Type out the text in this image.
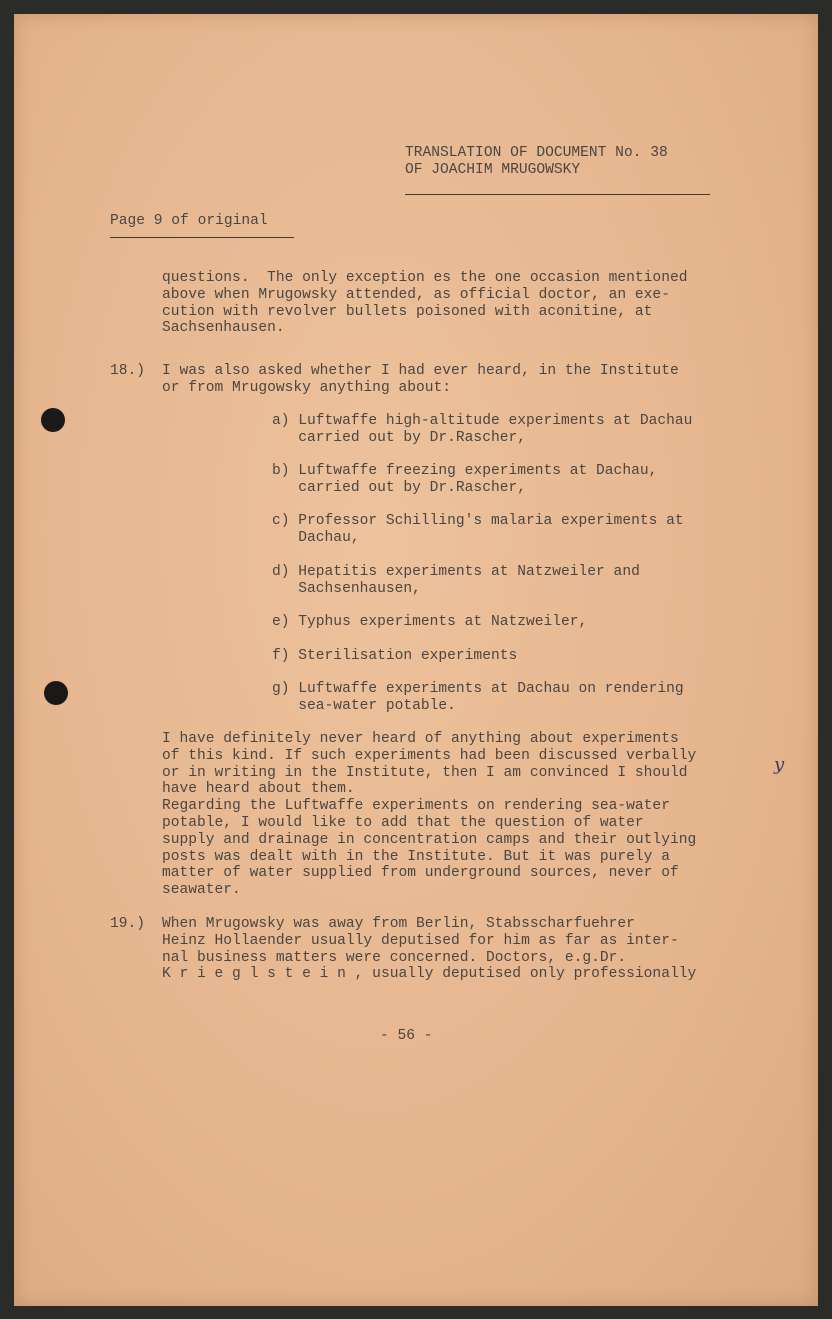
TRANSLATION OF DOCUMENT No. 38
OF JOACHIM MRUGOWSKY

Page 9 of original

questions.  The only exception es the one occasion mentioned
above when Mrugowsky attended, as official doctor, an exe-
cution with revolver bullets poisoned with aconitine, at
Sachsenhausen.

18.) I was also asked whether I had ever heard, in the Institute
or from Mrugowsky anything about:

a) Luftwaffe high-altitude experiments at Dachau
carried out by Dr.Rascher,

b) Luftwaffe freezing experiments at Dachau,
carried out by Dr.Rascher,

c) Professor Schilling's malaria experiments at
Dachau,

d) Hepatitis experiments at Natzweiler and
Sachsenhausen,

e) Typhus experiments at Natzweiler,

f) Sterilisation experiments

g) Luftwaffe experiments at Dachau on rendering
sea-water potable.

I have definitely never heard of anything about experiments
of this kind. If such experiments had been discussed verbally
or in writing in the Institute, then I am convinced I should
have heard about them.
Regarding the Luftwaffe experiments on rendering sea-water
potable, I would like to add that the question of water
supply and drainage in concentration camps and their outlying
posts was dealt with in the Institute. But it was purely a
matter of water supplied from underground sources, never of
seawater.

y

19.) When Mrugowsky was away from Berlin, Stabsscharfuehrer
Heinz Hollaender usually deputised for him as far as inter-
nal business matters were concerned. Doctors, e.g.Dr.
K r i e g l s t e i n , usually deputised only professionally

- 56 -
